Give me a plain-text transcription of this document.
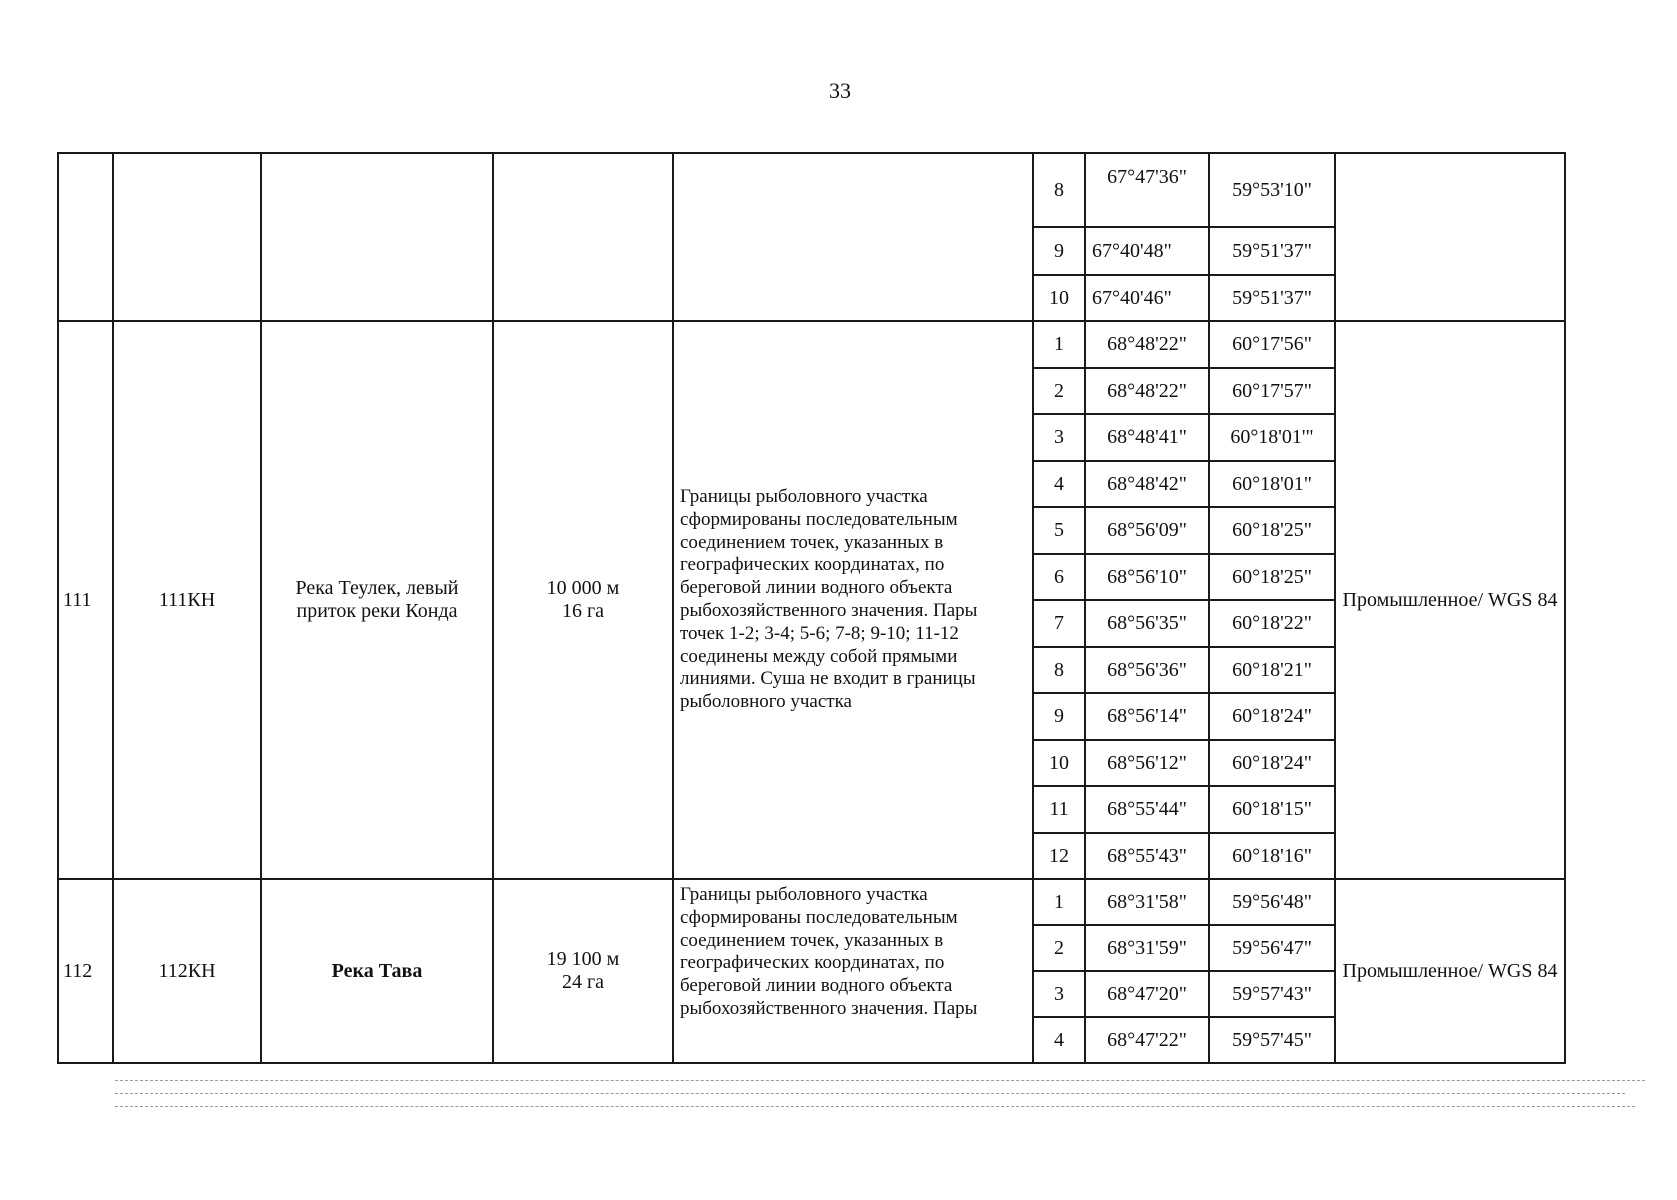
33
					8	67°47'36"	59°53'10"	
					9	67°40'48"	59°51'37"	
					10	67°40'46"	59°51'37"	
111	111КН	Река Теулек, левый приток реки Конда	10 000 м
16 га	Границы рыболовного участка сформированы последовательным соединением точек, указанных в географических координатах, по береговой линии водного объекта рыбохозяйственного значения. Пары точек 1-2; 3-4; 5-6; 7-8; 9-10; 11-12 соединены между собой прямыми линиями. Суша не входит в границы рыболовного участка	1	68°48'22"	60°17'56"	Промышленное/ WGS 84
					2	68°48'22"	60°17'57"	
					3	68°48'41"	60°18'01'"	
					4	68°48'42"	60°18'01"	
					5	68°56'09"	60°18'25"	
					6	68°56'10"	60°18'25"	
					7	68°56'35"	60°18'22"	
					8	68°56'36"	60°18'21"	
					9	68°56'14"	60°18'24"	
					10	68°56'12"	60°18'24"	
					11	68°55'44"	60°18'15"	
					12	68°55'43"	60°18'16"	
112	112КН	Река Тава	19 100 м
24 га	Границы рыболовного участка сформированы последовательным соединением точек, указанных в географических координатах, по береговой линии водного объекта рыбохозяйственного значения. Пары	1	68°31'58"	59°56'48"	Промышленное/ WGS 84
					2	68°31'59"	59°56'47"	
					3	68°47'20"	59°57'43"	
					4	68°47'22"	59°57'45"	
